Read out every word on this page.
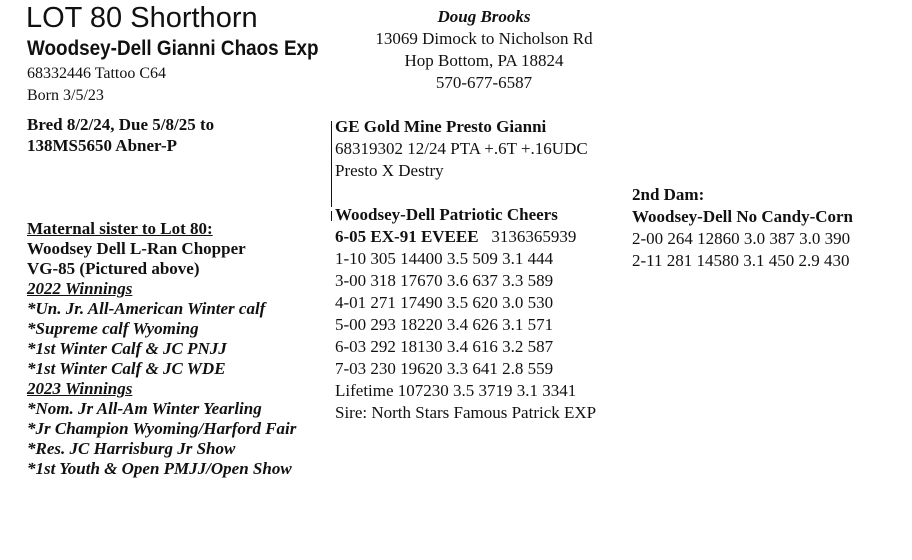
LOT 80 Shorthorn
Woodsey-Dell Gianni Chaos Exp
68332446 Tattoo C64
Born 3/5/23
Bred 8/2/24, Due 5/8/25 to
138MS5650 Abner-P
Maternal sister to Lot 80:
Woodsey Dell L-Ran Chopper
VG-85 (Pictured above)
2022 Winnings
*Un. Jr. All-American Winter calf
*Supreme calf Wyoming
*1st Winter Calf & JC PNJJ
*1st Winter Calf & JC WDE
2023 Winnings
*Nom. Jr All-Am Winter Yearling
*Jr Champion Wyoming/Harford Fair
*Res. JC Harrisburg Jr Show
*1st Youth & Open PMJJ/Open Show
Doug Brooks
13069 Dimock to Nicholson Rd
Hop Bottom, PA 18824
570-677-6587
GE Gold Mine Presto Gianni
68319302 12/24 PTA +.6T +.16UDC
Presto X Destry
Woodsey-Dell Patriotic Cheers
6-05 EX-91 EVEEE 3136365939
1-10 305 14400 3.5 509 3.1 444
3-00 318 17670 3.6 637 3.3 589
4-01 271 17490 3.5 620 3.0 530
5-00 293 18220 3.4 626 3.1 571
6-03 292 18130 3.4 616 3.2 587
7-03 230 19620 3.3 641 2.8 559
Lifetime 107230 3.5 3719 3.1 3341
Sire: North Stars Famous Patrick EXP
2nd Dam:
Woodsey-Dell No Candy-Corn
2-00 264 12860 3.0 387 3.0 390
2-11 281 14580 3.1 450 2.9 430
